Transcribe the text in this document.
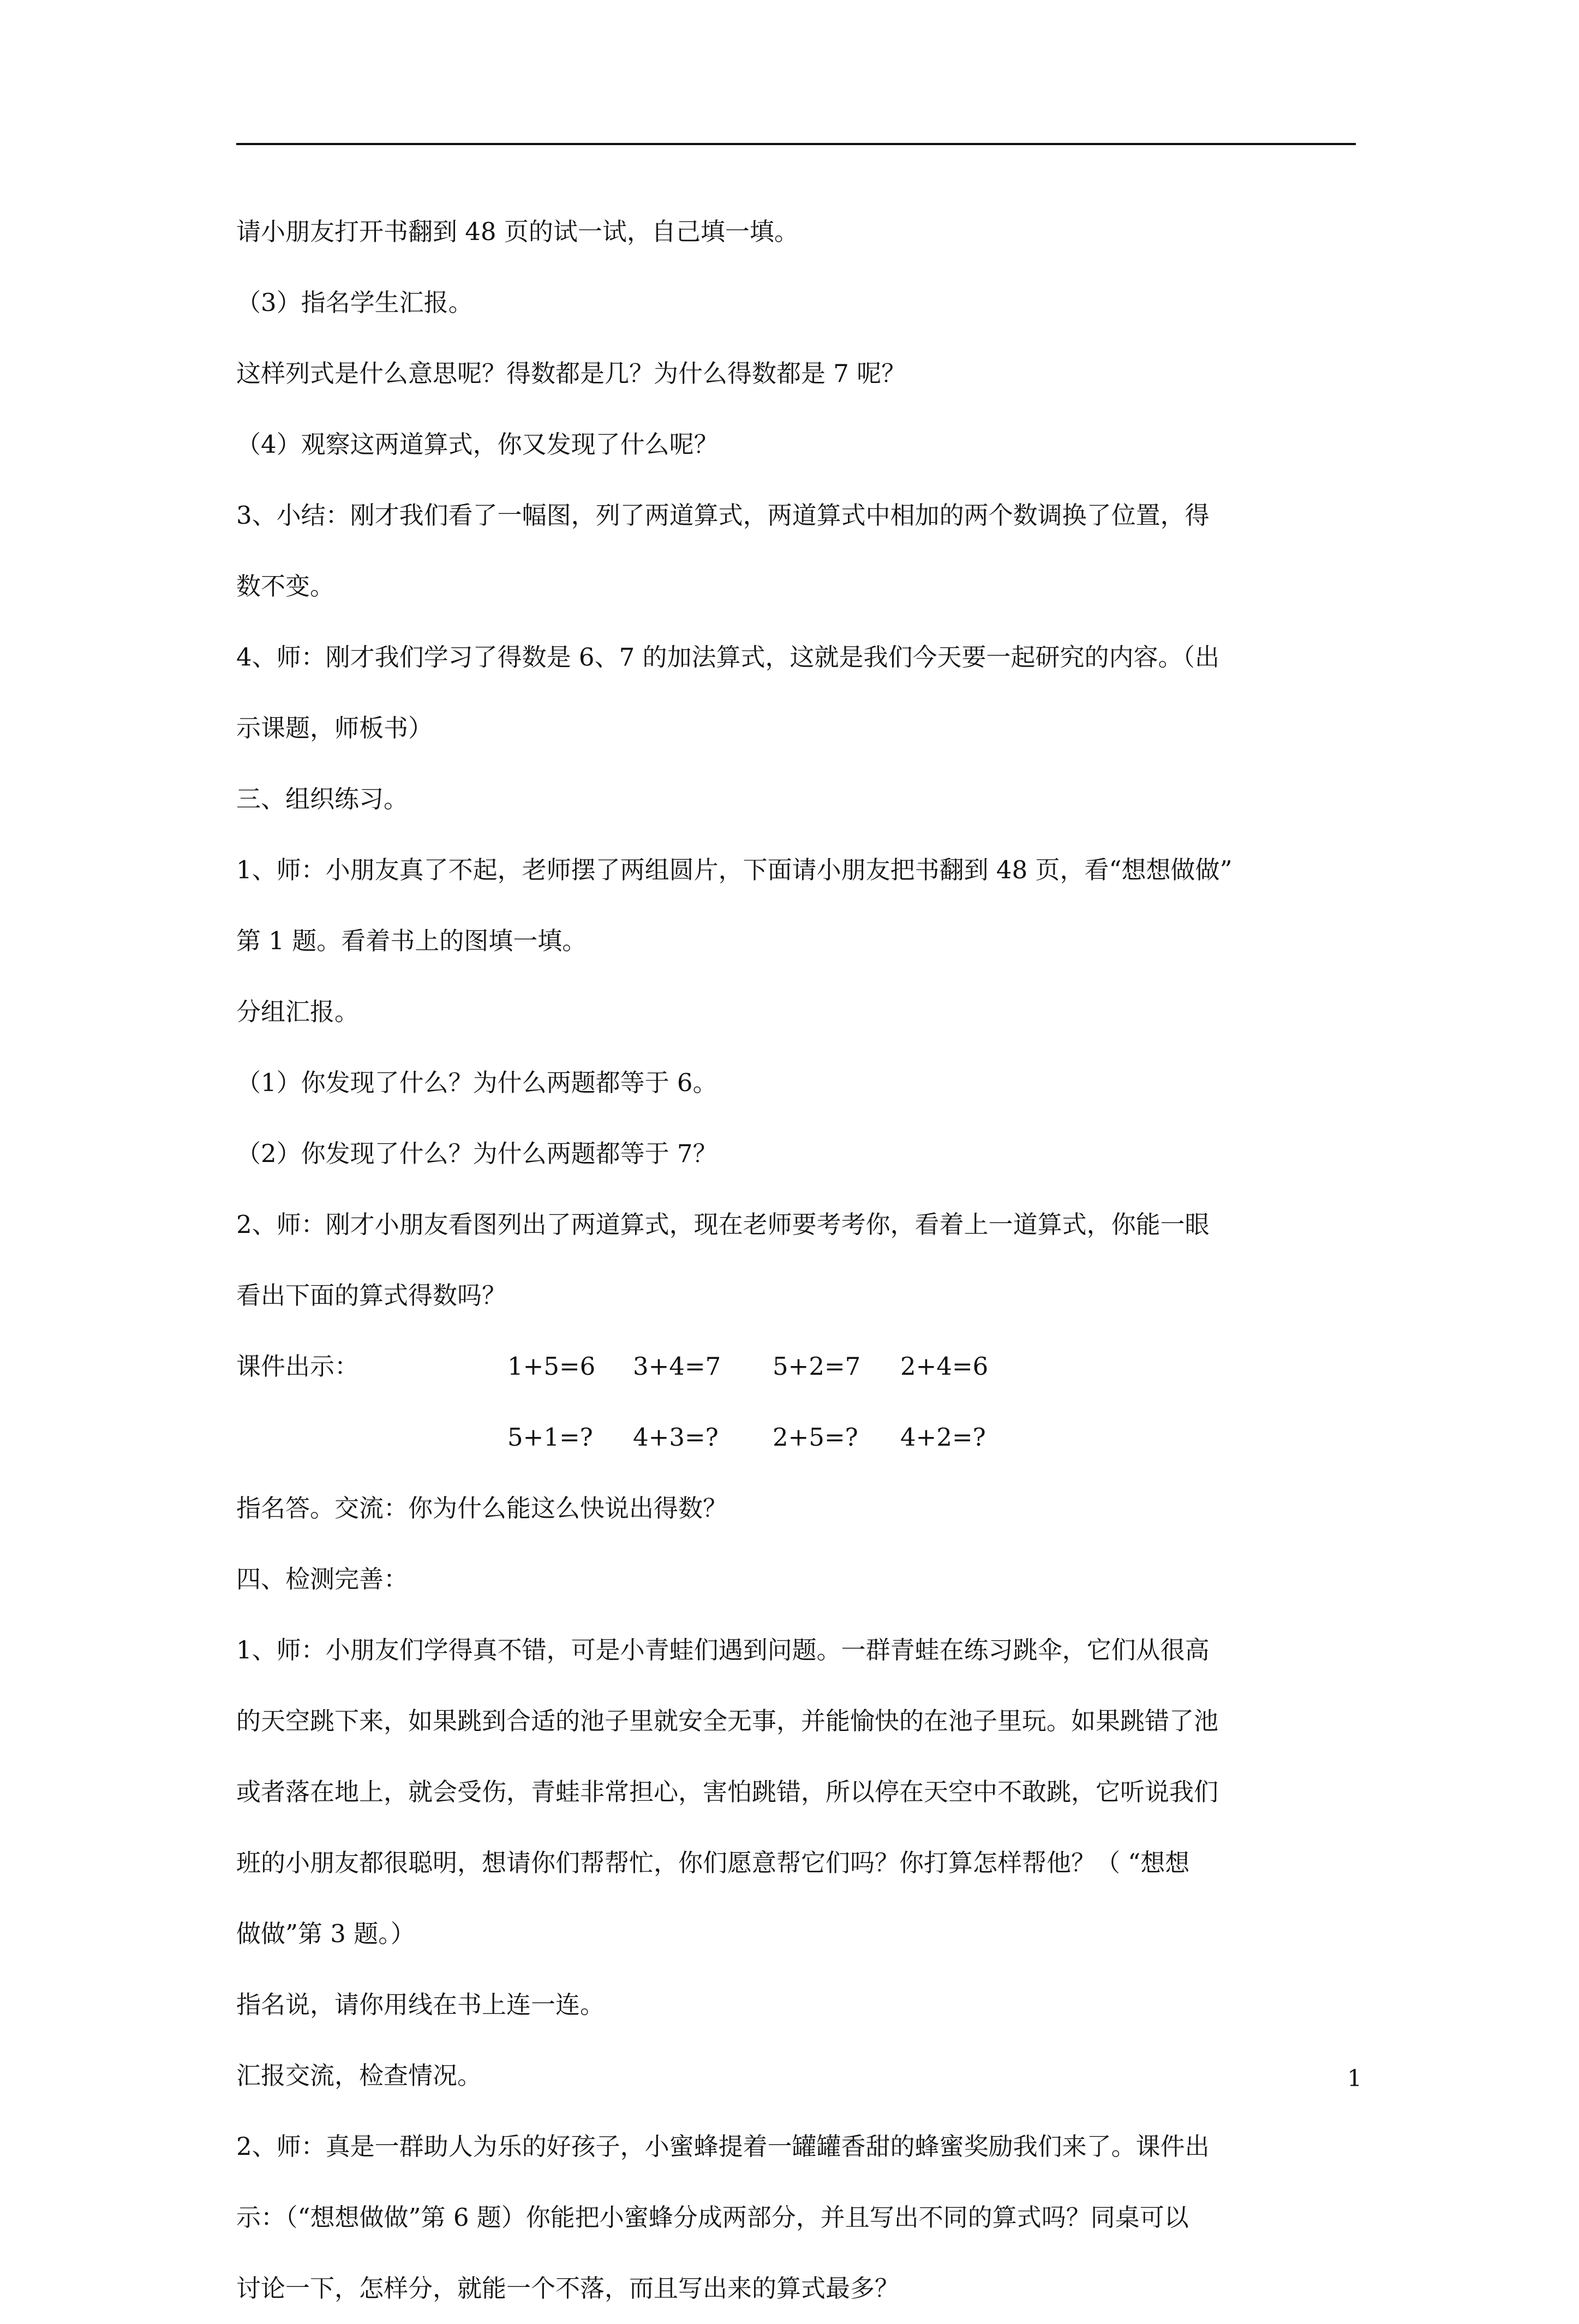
请小朋友打开书翻到 48 页的试一试，自己填一填。
（3）指名学生汇报。
这样列式是什么意思呢？得数都是几？为什么得数都是 7 呢？
（4）观察这两道算式，你又发现了什么呢？
3、小结：刚才我们看了一幅图，列了两道算式，两道算式中相加的两个数调换了位置，得
数不变。
4、师：刚才我们学习了得数是 6、7 的加法算式，这就是我们今天要一起研究的内容。（出
示课题，师板书）
三、组织练习。
1、师：小朋友真了不起，老师摆了两组圆片，下面请小朋友把书翻到 48 页，看“想想做做”
第 1 题。看着书上的图填一填。
分组汇报。
（1）你发现了什么？为什么两题都等于 6。
（2）你发现了什么？为什么两题都等于 7？
2、师：刚才小朋友看图列出了两道算式，现在老师要考考你，看着上一道算式，你能一眼
看出下面的算式得数吗？
课件出示：	1+5=6 3+4=7 5+2=7 2+4=6
5+1=? 4+3=? 2+5=? 4+2=?
指名答。交流：你为什么能这么快说出得数？
四、检测完善：
1、师：小朋友们学得真不错，可是小青蛙们遇到问题。一群青蛙在练习跳伞，它们从很高
的天空跳下来，如果跳到合适的池子里就安全无事，并能愉快的在池子里玩。如果跳错了池
或者落在地上，就会受伤，青蛙非常担心，害怕跳错，所以停在天空中不敢跳，它听说我们
班的小朋友都很聪明，想请你们帮帮忙，你们愿意帮它们吗？你打算怎样帮他？（ “想想
做做”第 3 题。）
指名说，请你用线在书上连一连。
汇报交流，检查情况。
2、师：真是一群助人为乐的好孩子，小蜜蜂提着一罐罐香甜的蜂蜜奖励我们来了。课件出
示：（“想想做做”第 6 题）你能把小蜜蜂分成两部分，并且写出不同的算式吗？同桌可以
讨论一下，怎样分，就能一个不落，而且写出来的算式最多？
1
